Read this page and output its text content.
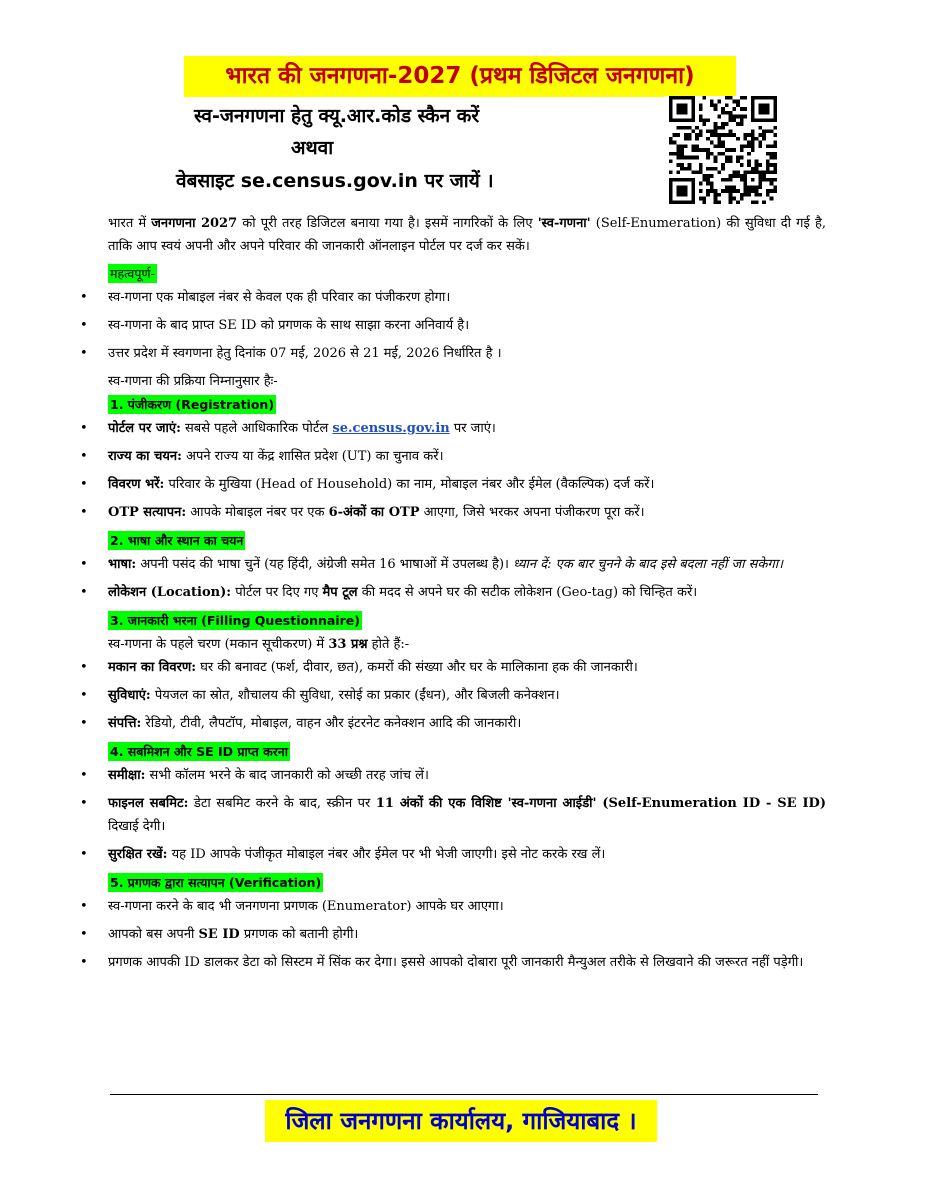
भारत की जनगणना-2027 (प्रथम डिजिटल जनगणना)
स्व-जनगणना हेतु क्यू.आर.कोड स्कैन करें
अथवा
वेबसाइट se.census.gov.in पर जायें ।

भारत में जनगणना 2027 को पूरी तरह डिजिटल बनाया गया है। इसमें नागरिकों के लिए 'स्व-गणना' (Self-Enumeration) की सुविधा दी गई है, ताकि आप स्वयं अपनी और अपने परिवार की जानकारी ऑनलाइन पोर्टल पर दर्ज कर सकें।

महत्वपूर्ण-
• स्व-गणना एक मोबाइल नंबर से केवल एक ही परिवार का पंजीकरण होगा।
• स्व-गणना के बाद प्राप्त SE ID को प्रगणक के साथ साझा करना अनिवार्य है।
• उत्तर प्रदेश में स्वगणना हेतु दिनांक 07 मई, 2026 से 21 मई, 2026 निर्धारित है ।

स्व-गणना की प्रक्रिया निम्नानुसार हैः-

1. पंजीकरण (Registration)
• पोर्टल पर जाएं: सबसे पहले आधिकारिक पोर्टल se.census.gov.in पर जाएं।
• राज्य का चयन: अपने राज्य या केंद्र शासित प्रदेश (UT) का चुनाव करें।
• विवरण भरें: परिवार के मुखिया (Head of Household) का नाम, मोबाइल नंबर और ईमेल (वैकल्पिक) दर्ज करें।
• OTP सत्यापन: आपके मोबाइल नंबर पर एक 6-अंकों का OTP आएगा, जिसे भरकर अपना पंजीकरण पूरा करें।
2. भाषा और स्थान का चयन
• भाषा: अपनी पसंद की भाषा चुनें (यह हिंदी, अंग्रेजी समेत 16 भाषाओं में उपलब्ध है)। ध्यान दें: एक बार चुनने के बाद इसे बदला नहीं जा सकेगा।
• लोकेशन (Location): पोर्टल पर दिए गए मैप टूल की मदद से अपने घर की सटीक लोकेशन (Geo-tag) को चिन्हित करें।
3. जानकारी भरना (Filling Questionnaire)

स्व-गणना के पहले चरण (मकान सूचीकरण) में 33 प्रश्न होते हैं:-

• मकान का विवरण: घर की बनावट (फर्श, दीवार, छत), कमरों की संख्या और घर के मालिकाना हक की जानकारी।
• सुविधाएं: पेयजल का स्रोत, शौचालय की सुविधा, रसोई का प्रकार (ईंधन), और बिजली कनेक्शन।
• संपत्ति: रेडियो, टीवी, लैपटॉप, मोबाइल, वाहन और इंटरनेट कनेक्शन आदि की जानकारी।
4. सबमिशन और SE ID प्राप्त करना
• समीक्षा: सभी कॉलम भरने के बाद जानकारी को अच्छी तरह जांच लें।
• फाइनल सबमिट: डेटा सबमिट करने के बाद, स्क्रीन पर 11 अंकों की एक विशिष्ट 'स्व-गणना आईडी' (Self-Enumeration ID - SE ID) दिखाई देगी।
• सुरक्षित रखें: यह ID आपके पंजीकृत मोबाइल नंबर और ईमेल पर भी भेजी जाएगी। इसे नोट करके रख लें।
5. प्रगणक द्वारा सत्यापन (Verification)
• स्व-गणना करने के बाद भी जनगणना प्रगणक (Enumerator) आपके घर आएगा।
• आपको बस अपनी SE ID प्रगणक को बतानी होगी।
• प्रगणक आपकी ID डालकर डेटा को सिस्टम में सिंक कर देगा। इससे आपको दोबारा पूरी जानकारी मैन्युअल तरीके से लिखवाने की जरूरत नहीं पड़ेगी।
जिला जनगणना कार्यालय, गाजियाबाद ।
